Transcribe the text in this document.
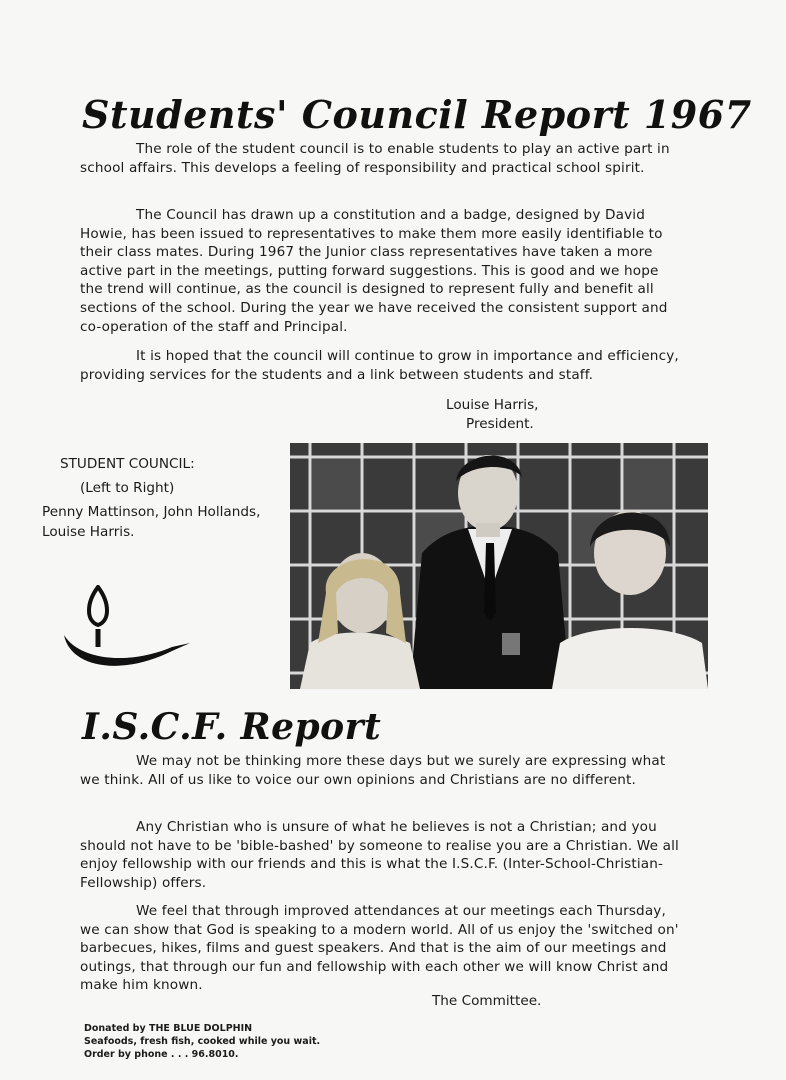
Students' Council Report 1967

The role of the student council is to enable students to play an active part in school affairs. This develops a feeling of responsibility and practical school spirit.

The Council has drawn up a constitution and a badge, designed by David Howie, has been issued to representatives to make them more easily identifiable to their class mates. During 1967 the Junior class representatives have taken a more active part in the meetings, putting forward suggestions. This is good and we hope the trend will continue, as the council is designed to represent fully and benefit all sections of the school. During the year we have received the consistent support and co-operation of the staff and Principal.

It is hoped that the council will continue to grow in importance and efficiency, providing services for the students and a link between students and staff.

Louise Harris,
President.
STUDENT COUNCIL:
(Left to Right)
Penny Mattinson, John Hollands,
Louise Harris.
I.S.C.F. Report

We may not be thinking more these days but we surely are expressing what we think. All of us like to voice our own opinions and Christians are no different.

Any Christian who is unsure of what he believes is not a Christian; and you should not have to be 'bible-bashed' by someone to realise you are a Christian. We all enjoy fellowship with our friends and this is what the I.S.C.F. (Inter-School-Christian-Fellowship) offers.

We feel that through improved attendances at our meetings each Thursday, we can show that God is speaking to a modern world. All of us enjoy the 'switched on' barbecues, hikes, films and guest speakers. And that is the aim of our meetings and outings, that through our fun and fellowship with each other we will know Christ and make him known.

The Committee.
Donated by THE BLUE DOLPHIN
Seafoods, fresh fish, cooked while you wait.
Order by phone . . . 96.8010.
